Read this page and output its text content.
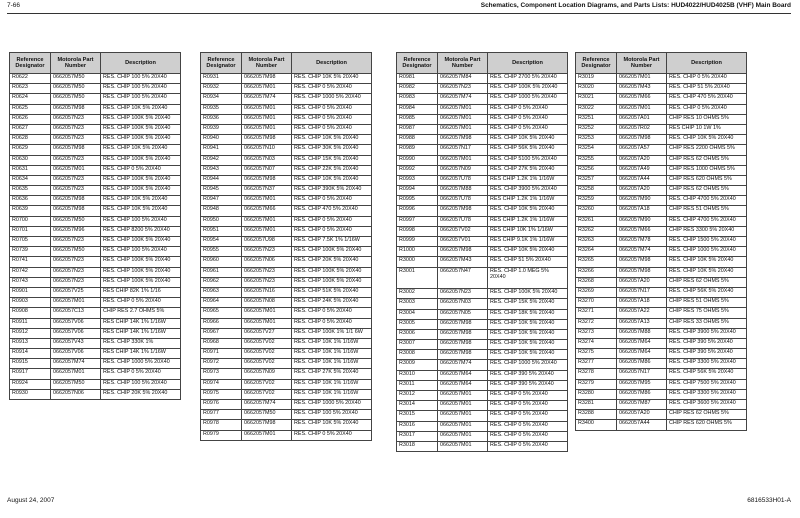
7-66	Schematics, Component Location Diagrams, and Parts Lists: HUD4022/HUD4025B (VHF) Main Board
Reference Designator	Motorola Part Number	Description
R0622	0662057M50	RES. CHIP 100 5% 20X40
R0623	0662057M50	RES. CHIP 100 5% 20X40
R0624	0662057M50	RES. CHIP 100 5% 20X40
R0625	0662057M98	RES. CHIP 10K 5% 20X40
R0626	0662057N23	RES. CHIP 100K 5% 20X40
R0627	0662057N23	RES. CHIP 100K 5% 20X40
R0628	0662057N23	RES. CHIP 100K 5% 20X40
R0629	0662057M98	RES. CHIP 10K 5% 20X40
R0630	0662057N23	RES. CHIP 100K 5% 20X40
R0631	0662057M01	RES. CHIP 0 5% 20X40
R0634	0662057N23	RES. CHIP 100K 5% 20X40
R0635	0662057N23	RES. CHIP 100K 5% 20X40
R0636	0662057M98	RES. CHIP 10K 5% 20X40
R0639	0662057M98	RES. CHIP 10K 5% 20X40
R0700	0662057M50	RES. CHIP 100 5% 20X40
R0701	0662057M96	RES. CHIP 8200 5% 20X40
R0705	0662057N23	RES. CHIP 100K 5% 20X40
R0739	0662057M50	RES. CHIP 100 5% 20X40
R0741	0662057N23	RES. CHIP 100K 5% 20X40
R0742	0662057N23	RES. CHIP 100K 5% 20X40
R0743	0662057N23	RES. CHIP 100K 5% 20X40
R0901	0662057V25	RES CHIP 82K 1% 1/16
R0903	0662057M01	RES. CHIP 0 5% 20X40
R0908	0662057C13	CHIP RES 2.7 OHMS 5%
R0911	0662057V06	RES CHIP 14K 1% 1/16W
R0912	0662057V06	RES CHIP 14K 1% 1/16W
R0913	0662057V43	RES. CHIP 330K 1%
R0914	0662057V06	RES CHIP 14K 1% 1/16W
R0915	0662057M74	RES. CHIP 1000 5% 20X40
R0917	0662057M01	RES. CHIP 0 5% 20X40
R0924	0662057M50	RES. CHIP 100 5% 20X40
R0930	0662057N06	RES. CHIP 20K 5% 20X40
Reference Designator	Motorola Part Number	Description
R0931	0662057M98	RES. CHIP 10K 5% 20X40
R0932	0662057M01	RES. CHIP 0 5% 20X40
R0934	0662057M74	RES. CHIP 1000 5% 20X40
R0935	0662057M01	RES. CHIP 0 5% 20X40
R0936	0662057M01	RES. CHIP 0 5% 20X40
R0939	0662057M01	RES. CHIP 0 5% 20X40
R0940	0662057M98	RES. CHIP 10K 5% 20X40
R0941	0662057N10	RES. CHIP 30K 5% 20X40
R0942	0662057N03	RES. CHIP 15K 5% 20X40
R0943	0662057N07	RES. CHIP 22K 5% 20X40
R0944	0662057M98	RES. CHIP 10K 5% 20X40
R0945	0662057N37	RES. CHIP 390K 5% 20X40
R0947	0662057M01	RES. CHIP 0 5% 20X40
R0948	0662057M66	RES. CHIP 470 5% 20X40
R0950	0662057M01	RES. CHIP 0 5% 20X40
R0951	0662057M01	RES. CHIP 0 5% 20X40
R0954	0662057U98	RES. CHIP 7.5K 1% 1/16W
R0955	0662057N23	RES. CHIP 100K 5% 20X40
R0960	0662057N06	RES. CHIP 20K 5% 20X40
R0961	0662057N23	RES. CHIP 100K 5% 20X40
R0962	0662057N23	RES. CHIP 100K 5% 20X40
R0963	0662057N16	RES. CHIP 51K 5% 20X40
R0964	0662057N08	RES. CHIP 24K 5% 20X40
R0965	0662057M01	RES. CHIP 0 5% 20X40
R0966	0662057M01	RES. CHIP 0 5% 20X40
R0967	0662057V27	RES. CHIP 100K 1% 1/1 6W
R0968	0662057V02	RES. CHIP 10K 1% 1/16W
R0971	0662057V02	RES. CHIP 10K 1% 1/16W
R0972	0662057V02	RES. CHIP 10K 1% 1/16W
R0973	0662057N09	RES. CHIP 27K 5% 20X40
R0974	0662057V02	RES. CHIP 10K 1% 1/16W
R0975	0662057V02	RES. CHIP 10K 1% 1/16W
R0976	0662057M74	RES. CHIP 1000 5% 20X40
R0977	0662057M50	RES. CHIP 100 5% 20X40
R0978	0662057M98	RES. CHIP 10K 5% 20X40
R0979	0662057M01	RES. CHIP 0 5% 20X40
Reference Designator	Motorola Part Number	Description
R0981	0662057M84	RES. CHIP 2700 5% 20X40
R0982	0662057N23	RES. CHIP 100K 5% 20X40
R0983	0662057M74	RES. CHIP 1000 5% 20X40
R0984	0662057M01	RES. CHIP 0 5% 20X40
R0985	0662057M01	RES. CHIP 0 5% 20X40
R0987	0662057M01	RES. CHIP 0 5% 20X40
R0988	0662057M98	RES. CHIP 10K 5% 20X40
R0989	0662057N17	RES. CHIP 56K 5% 20X40
R0990	0662057M01	RES. CHIP 5100 5% 20X40
R0992	0662057N09	RES. CHIP 27K 5% 20X40
R0993	0662057U78	RES CHIP 1.2K 1% 1/16W
R0994	0662057M88	RES. CHIP 3900 5% 20X40
R0995	0662057U78	RES CHIP 1.2K 1% 1/16W
R0996	0662057M98	RES. CHIP 10K 5% 20X40
R0997	0662057U78	RES CHIP 1.2K 1% 1/16W
R0998	0662057V02	RES CHIP 10K 1% 1/16W
R0999	0662057V01	RES CHIP 9.1K 1% 1/16W
R1000	0662057M98	RES. CHIP 10K 5% 20X40
R3000	0662057M43	RES. CHIP 51 5% 20X40
R3001	0662057N47	RES. CHIP 1.0 MEG 5% 20X40
R3002	0662057N23	RES. CHIP 100K 5% 20X40
R3003	0662057N03	RES. CHIP 15K 5% 20X40
R3004	0662057N05	RES. CHIP 18K 5% 20X40
R3005	0662057M98	RES. CHIP 10K 5% 20X40
R3006	0662057M98	RES. CHIP 10K 5% 20X40
R3007	0662057M98	RES. CHIP 10K 5% 20X40
R3008	0662057M98	RES. CHIP 10K 5% 20X40
R3009	0662057M74	RES. CHIP 1000 5% 20X40
R3010	0662057M64	RES. CHIP 390 5% 20X40
R3011	0662057M64	RES. CHIP 390 5% 20X40
R3012	0662057M01	RES. CHIP 0 5% 20X40
R3014	0662057M01	RES. CHIP 0 5% 20X40
R3015	0662057M01	RES. CHIP 0 5% 20X40
R3016	0662057M01	RES. CHIP 0 5% 20X40
R3017	0662057M01	RES. CHIP 0 5% 20X40
R3018	0662057M01	RES. CHIP 0 5% 20X40
Reference Designator	Motorola Part Number	Description
R3019	0662057M01	RES. CHIP 0 5% 20X40
R3020	0662057M43	RES. CHIP 51 5% 20X40
R3021	0662057M66	RES. CHIP 470 5% 20X40
R3022	0662057M01	RES. CHIP 0 5% 20X40
R3251	0662057A01	CHIP RES 10 OHMS 5%
R3252	0662057R02	RES CHIP 10 1W 1%
R3253	0662057M98	RES. CHIP 10K 5% 20X40
R3254	0662057A57	CHIP RES 2200 OHMS 5%
R3255	0662057A20	CHIP RES 62 OHMS 5%
R3256	0662057A49	CHIP RES 1000 OHMS 5%
R3257	0662057A44	CHIP RES 620 OHMS 5%
R3258	0662057A20	CHIP RES 62 OHMS 5%
R3259	0662057M90	RES. CHIP 4700 5% 20X40
R3260	0662057A18	CHIP RES 51 OHMS 5%
R3261	0662057M90	RES. CHIP 4700 5% 20X40
R3262	0662057M66	CHIP RES 3300 5% 20X40
R3263	0662057M78	RES. CHIP 1500 5% 20X40
R3264	0662057M74	RES. CHIP 1000 5% 20X40
R3265	0662057M98	RES. CHIP 10K 5% 20X40
R3266	0662057M98	RES. CHIP 10K 5% 20X40
R3268	0662057A20	CHIP RES 62 OHMS 5%
R3269	0662057N17	RES. CHIP 56K 5% 20X40
R3270	0662057A18	CHIP RES 51 OHMS 5%
R3271	0662057A22	CHIP RES 75 OHMS 5%
R3272	0662057A13	CHIP RES 33 OHMS 5%
R3273	0662057M88	RES. CHIP 3900 5% 20X40
R3274	0662057M64	RES. CHIP 390 5% 20X40
R3275	0662057M64	RES. CHIP 390 5% 20X40
R3277	0662057M86	RES. CHIP 3300 5% 20X40
R3278	0662057N17	RES. CHIP 56K 5% 20X40
R3279	0662057M95	RES. CHIP 7500 5% 20X40
R3280	0662057M86	RES. CHIP 3300 5% 20X40
R3281	0662057M87	RES. CHIP 3600 5% 20X40
R3288	0662057A20	CHIP RES 62 OHMS 5%
R3400	0662057A44	CHIP RES 620 OHMS 5%
August 24, 2007	6816533H01-A
